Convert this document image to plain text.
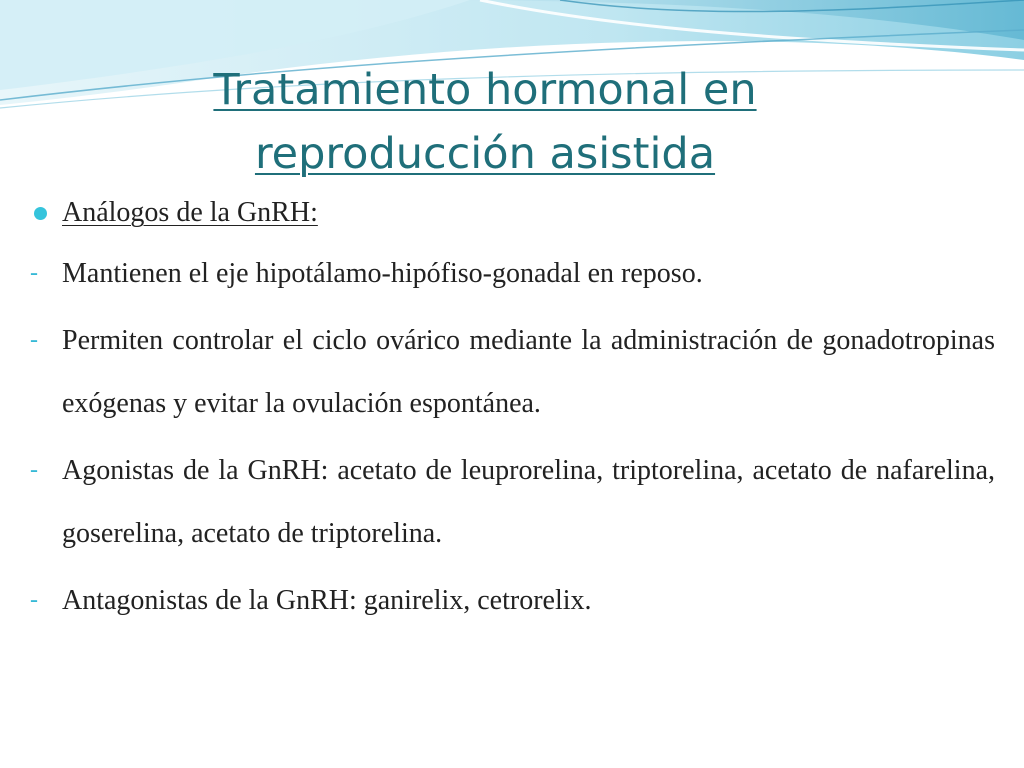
Tratamiento hormonal en
reproducción asistida
Análogos de la GnRH:
- Mantienen el eje hipotálamo-hipófiso-gonadal en reposo.
- Permiten controlar el ciclo ovárico mediante la administración de gonadotropinas exógenas y evitar la ovulación espontánea.
- Agonistas de la GnRH: acetato de leuprorelina, triptorelina, acetato de nafarelina, goserelina, acetato de triptorelina.
- Antagonistas de la GnRH: ganirelix, cetrorelix.
